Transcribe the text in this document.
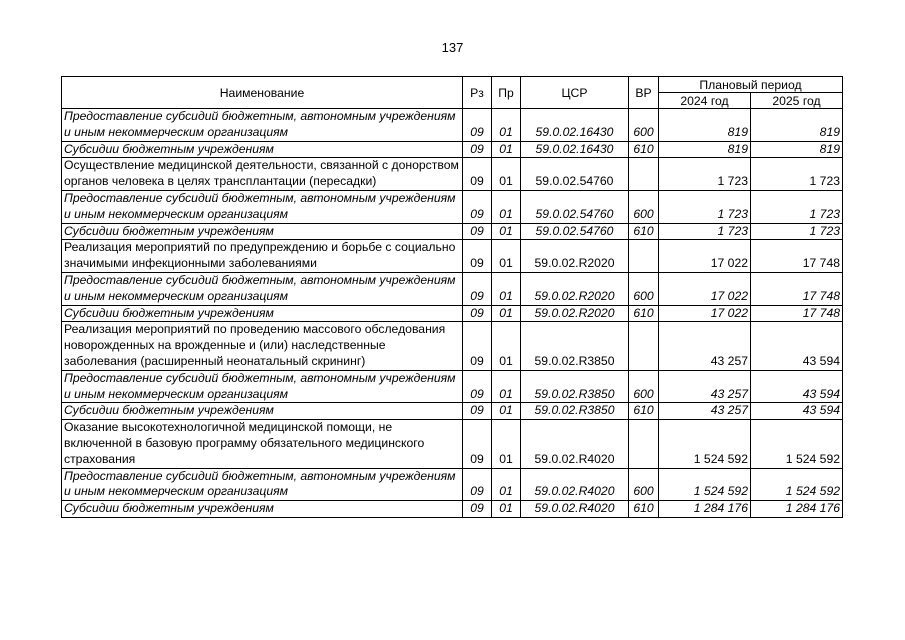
137
Наименование	Рз	Пр	ЦСР	ВР	Плановый период	
					2024 год	2025 год
Предоставление субсидий бюджетным, автономным учреждениям и иным некоммерческим организациям	09	01	59.0.02.16430	600	819	819
Субсидии бюджетным учреждениям	09	01	59.0.02.16430	610	819	819
Осуществление медицинской деятельности, связанной с донорством органов человека в целях трансплантации (пересадки)	09	01	59.0.02.54760		1 723	1 723
Предоставление субсидий бюджетным, автономным учреждениям и иным некоммерческим организациям	09	01	59.0.02.54760	600	1 723	1 723
Субсидии бюджетным учреждениям	09	01	59.0.02.54760	610	1 723	1 723
Реализация мероприятий по предупреждению и борьбе с социально значимыми инфекционными заболеваниями	09	01	59.0.02.R2020		17 022	17 748
Предоставление субсидий бюджетным, автономным учреждениям и иным некоммерческим организациям	09	01	59.0.02.R2020	600	17 022	17 748
Субсидии бюджетным учреждениям	09	01	59.0.02.R2020	610	17 022	17 748
Реализация мероприятий по проведению массового обследования новорожденных на врожденные и (или) наследственные заболевания (расширенный неонатальный скрининг)	09	01	59.0.02.R3850		43 257	43 594
Предоставление субсидий бюджетным, автономным учреждениям и иным некоммерческим организациям	09	01	59.0.02.R3850	600	43 257	43 594
Субсидии бюджетным учреждениям	09	01	59.0.02.R3850	610	43 257	43 594
Оказание высокотехнологичной медицинской помощи, не включенной в базовую программу обязательного медицинского страхования	09	01	59.0.02.R4020		1 524 592	1 524 592
Предоставление субсидий бюджетным, автономным учреждениям и иным некоммерческим организациям	09	01	59.0.02.R4020	600	1 524 592	1 524 592
Субсидии бюджетным учреждениям	09	01	59.0.02.R4020	610	1 284 176	1 284 176
